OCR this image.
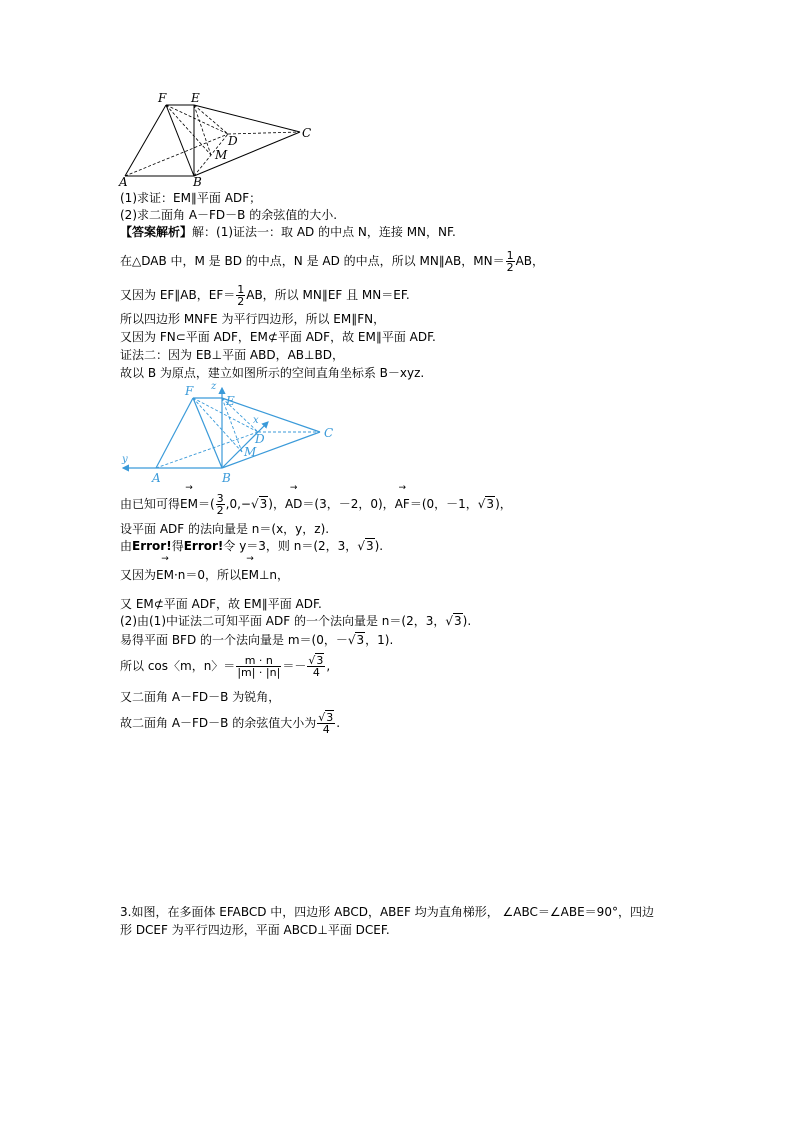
F E
C
D
M
A	B
(1)求证：EM∥平面 ADF；
(2)求二面角 A－FD－B 的余弦值的大小.
【答案解析】解：(1)证法一：取 AD 的中点 N，连接 MN，NF.
在△DAB 中，M 是 BD 的中点，N 是 AD 的中点，所以 MN∥AB，$MN= \frac{1}{2}$ AB，
又因为 EF∥AB，$EF= \frac{1}{2}$ AB，所以 MN∥EF 且 MN＝EF.
所以四边形 MNFE 为平行四边形，所以 EM∥FN，
又因为 FN⊂平面 ADF，EM⊄平面 ADF，故 EM∥平面 ADF.
证法二：因为 EB⊥平面 ABD，AB⊥BD，
故以 B 为原点，建立如图所示的空间直角坐标系 B－xyz.
z
F
E
x
D	C
M
y
A	B
由已知可得
→
$EM=( \frac{3}{2} ,0,-√3)$，
→
AD＝(3，－2，0)，
→
AF＝(0，－1，√3)，
设平面 ADF 的法向量是 n＝(x，y，z).
由Error!得Error!令 y＝3，则 n＝(2，3，√3).
又因为
→
EM·n＝0，所以
→
EM⊥n，
又 EM⊄平面 ADF，故 EM∥平面 ADF.
(2)由(1)中证法二可知平面 ADF 的一个法向量是 n＝(2，3，√3).
易得平面 BFD 的一个法向量是 m＝(0，－√3，1).
所以 cos〈m，n〉＝ $\frac{m \cdot n}{|m| \cdot |n|} =- \frac{√3}{4}$ ,
又二面角 A－FD－B 为锐角，
故二面角 A－FD－B 的余弦值大小为 $\frac{√3}{4}$ .
3.如图，在多面体 EFABCD 中，四边形 ABCD，ABEF 均为直角梯形， ∠ABC＝∠ABE＝90°，四边
形 DCEF 为平行四边形，平面 ABCD⊥平面 DCEF.
